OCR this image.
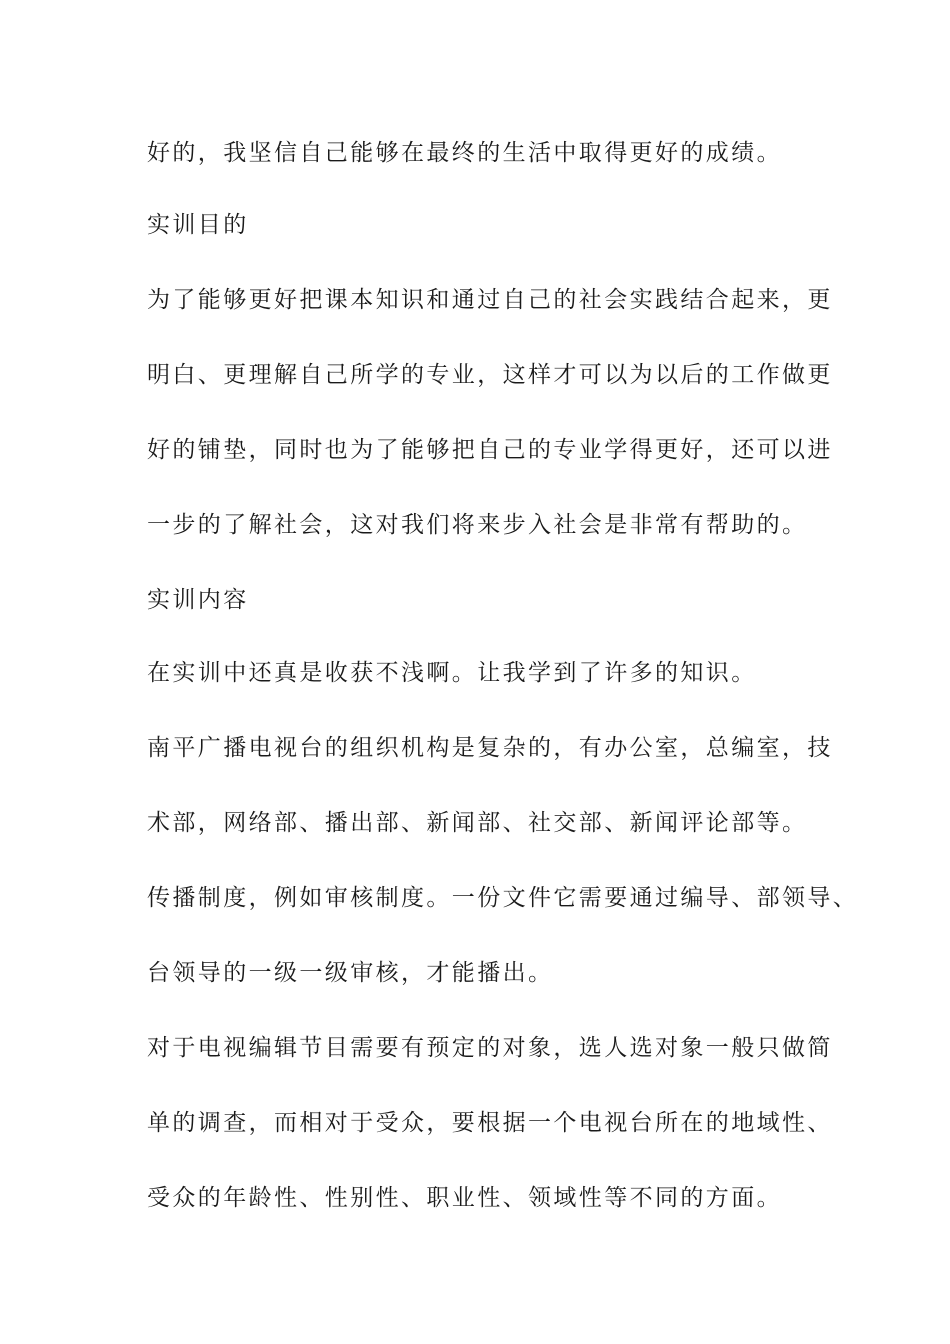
好的，我坚信自己能够在最终的生活中取得更好的成绩。
实训目的
为了能够更好把课本知识和通过自己的社会实践结合起来，更
明白、更理解自己所学的专业，这样才可以为以后的工作做更
好的铺垫，同时也为了能够把自己的专业学得更好，还可以进
一步的了解社会，这对我们将来步入社会是非常有帮助的。
实训内容
在实训中还真是收获不浅啊。让我学到了许多的知识。
南平广播电视台的组织机构是复杂的，有办公室，总编室，技
术部，网络部、播出部、新闻部、社交部、新闻评论部等。
传播制度，例如审核制度。一份文件它需要通过编导、部领导、
台领导的一级一级审核，才能播出。
对于电视编辑节目需要有预定的对象，选人选对象一般只做简
单的调查，而相对于受众，要根据一个电视台所在的地域性、
受众的年龄性、性别性、职业性、领域性等不同的方面。
